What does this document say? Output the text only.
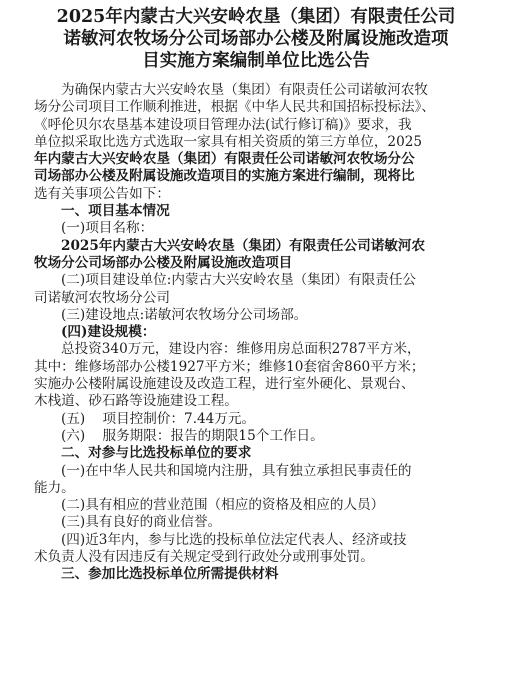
2025年内蒙古大兴安岭农垦（集团）有限责任公司
诺敏河农牧场分公司场部办公楼及附属设施改造项
目实施方案编制单位比选公告
为确保内蒙古大兴安岭农垦（集团）有限责任公司诺敏河农牧
场分公司项目工作顺利推进，根据《中华人民共和国招标投标法》、
《呼伦贝尔农垦基本建设项目管理办法(试行修订稿)》要求，我
单位拟采取比选方式选取一家具有相关资质的第三方单位，2025
年内蒙古大兴安岭农垦（集团）有限责任公司诺敏河农牧场分公
司场部办公楼及附属设施改造项目的实施方案进行编制，现将比
选有关事项公告如下：
一、项目基本情况
(一)项目名称：
2025年内蒙古大兴安岭农垦（集团）有限责任公司诺敏河农
牧场分公司场部办公楼及附属设施改造项目
(二)项目建设单位:内蒙古大兴安岭农垦（集团）有限责任公
司诺敏河农牧场分公司
(三)建设地点:诺敏河农牧场分公司场部。
(四)建设规模：
总投资340万元，建设内容：维修用房总面积2787平方米，
其中：维修场部办公楼1927平方米；维修10套宿舍860平方米；
实施办公楼附属设施建设及改造工程，进行室外硬化、景观台、
木栈道、砂石路等设施建设工程。
(五)    项目控制价：7.44万元。
(六)    服务期限：报告的期限15个工作日。
二、对参与比选投标单位的要求
(一)在中华人民共和国境内注册，具有独立承担民事责任的
能力。
(二)具有相应的营业范围（相应的资格及相应的人员）
(三)具有良好的商业信誉。
(四)近3年内，参与比选的投标单位法定代表人、经济或技
术负责人没有因违反有关规定受到行政处分或刑事处罚。
三、参加比选投标单位所需提供材料
